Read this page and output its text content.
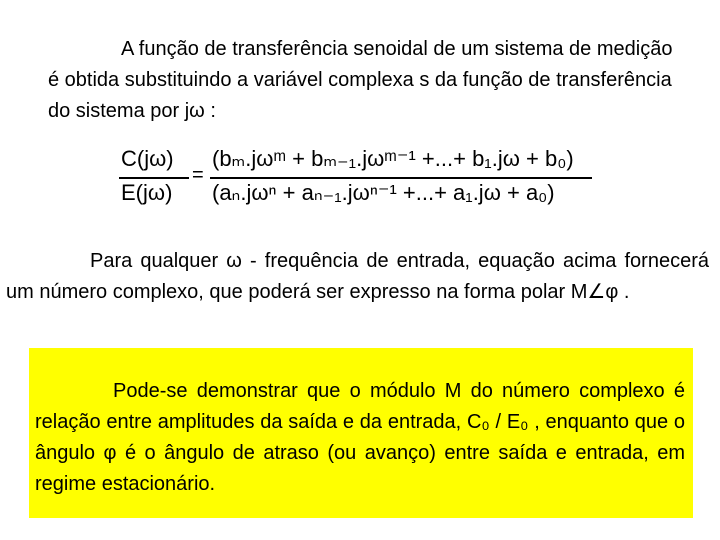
A função de transferência senoidal de um sistema de medição é obtida substituindo a variável complexa s da função de transferência do sistema por jω :

C(jω)
E(jω)
=
(bₘ.jωᵐ + bₘ₋₁.jωᵐ⁻¹ +...+ b₁.jω + b₀)
(aₙ.jωⁿ + aₙ₋₁.jωⁿ⁻¹ +...+ a₁.jω + a₀)

Para qualquer ω - frequência de entrada, equação acima fornecerá um número complexo, que poderá ser expresso na forma polar M∠φ .

Pode-se demonstrar que o módulo M do número complexo é relação entre amplitudes da saída e da entrada, C₀ / E₀ , enquanto que o ângulo φ é o ângulo de atraso (ou avanço) entre saída e entrada, em regime estacionário.
